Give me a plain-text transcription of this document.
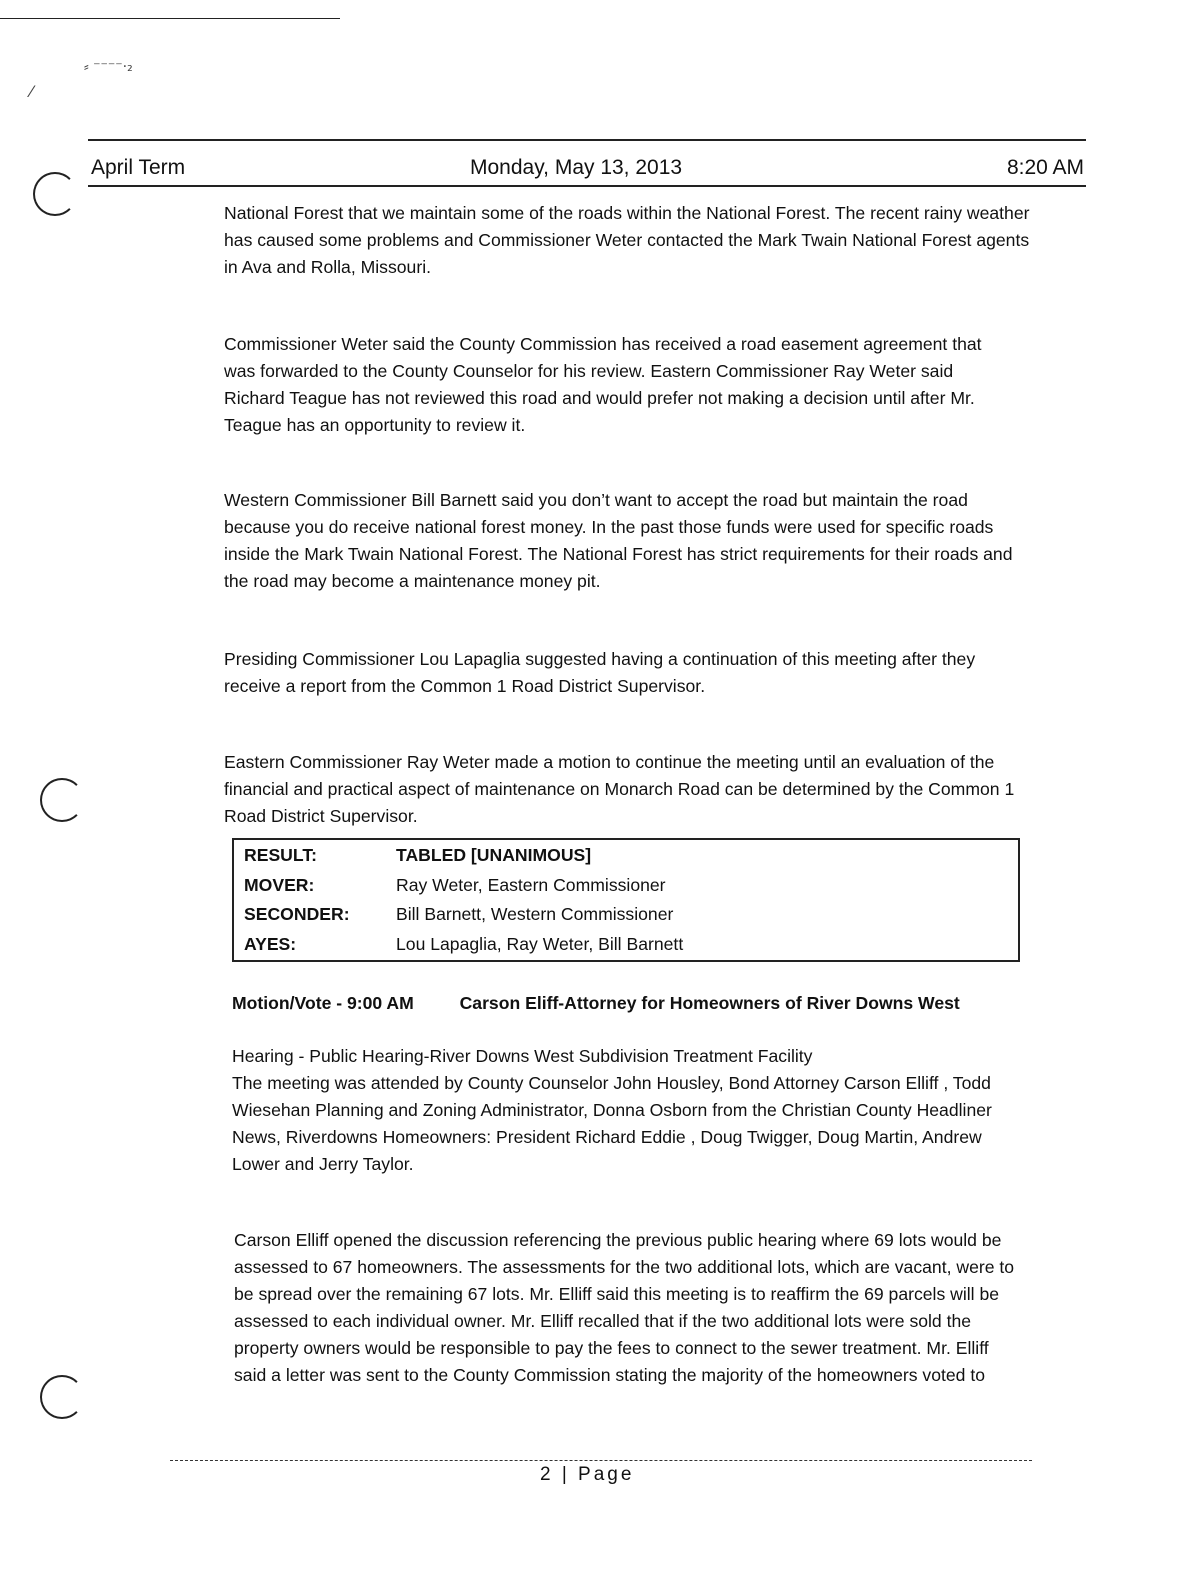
⸗ ⁻⁻⁻⁻·₂
⁄
April Term	Monday, May 13, 2013	8:20 AM

National Forest that we maintain some of the roads within the National Forest. The recent rainy weather has caused some problems and Commissioner Weter contacted the Mark Twain National Forest agents in Ava and Rolla, Missouri.

Commissioner Weter said the County Commission has received a road easement agreement that was forwarded to the County Counselor for his review. Eastern Commissioner Ray Weter said Richard Teague has not reviewed this road and would prefer not making a decision until after Mr. Teague has an opportunity to review it.

Western Commissioner Bill Barnett said you don’t want to accept the road but maintain the road because you do receive national forest money. In the past those funds were used for specific roads inside the Mark Twain National Forest. The National Forest has strict requirements for their roads and the road may become a maintenance money pit.

Presiding Commissioner Lou Lapaglia suggested having a continuation of this meeting after they receive a report from the Common 1 Road District Supervisor.

Eastern Commissioner Ray Weter made a motion to continue the meeting until an evaluation of the financial and practical aspect of maintenance on Monarch Road can be determined by the Common 1 Road District Supervisor.

RESULT:	TABLED [UNANIMOUS]
MOVER:	Ray Weter, Eastern Commissioner
SECONDER:	Bill Barnett, Western Commissioner
AYES:	Lou Lapaglia, Ray Weter, Bill Barnett
Motion/Vote - 9:00 AM	Carson Eliff-Attorney for Homeowners of River Downs West

Hearing - Public Hearing-River Downs West Subdivision Treatment Facility

The meeting was attended by County Counselor John Housley, Bond Attorney Carson Elliff , Todd Wiesehan Planning and Zoning Administrator, Donna Osborn from the Christian County Headliner News, Riverdowns Homeowners: President Richard Eddie , Doug Twigger, Doug Martin, Andrew Lower and Jerry Taylor.

Carson Elliff opened the discussion referencing the previous public hearing where 69 lots would be assessed to 67 homeowners. The assessments for the two additional lots, which are vacant, were to be spread over the remaining 67 lots. Mr. Elliff said this meeting is to reaffirm the 69 parcels will be assessed to each individual owner. Mr. Elliff recalled that if the two additional lots were sold the property owners would be responsible to pay the fees to connect to the sewer treatment. Mr. Elliff said a letter was sent to the County Commission stating the majority of the homeowners voted to

2 | Page
